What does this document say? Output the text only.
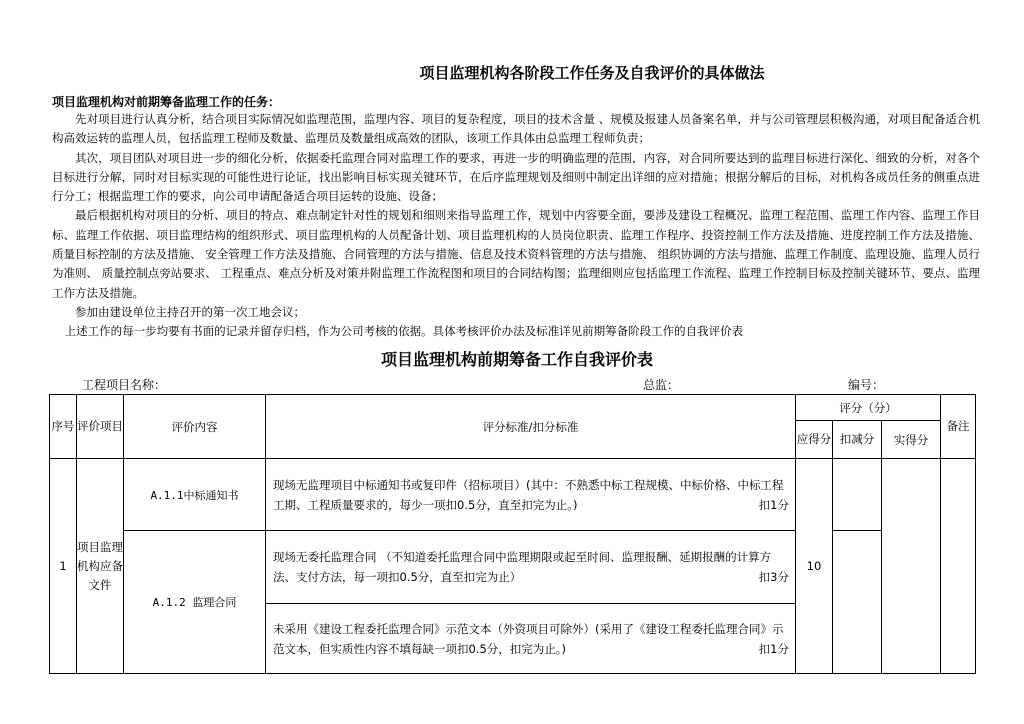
项目监理机构各阶段工作任务及自我评价的具体做法
项目监理机构对前期筹备监理工作的任务：

先对项目进行认真分析，结合项目实际情况如监理范围，监理内容、项目的复杂程度，项目的技术含量 、规模及报建人员备案名单，并与公司管理层积极沟通，对项目配备适合机构高效运转的监理人员，包括监理工程师及数量、监理员及数量组成高效的团队，该项工作具体由总监理工程师负责；

其次，项目团队对项目进一步的细化分析，依据委托监理合同对监理工作的要求，再进一步的明确监理的范围，内容，对合同所要达到的监理目标进行深化、细致的分析，对各个目标进行分解，同时对目标实现的可能性进行论证，找出影响目标实现关键环节，在后序监理规划及细则中制定出详细的应对措施；根据分解后的目标，对机构各成员任务的侧重点进行分工；根据监理工作的要求，向公司申请配备适合项目运转的设施、设备；

最后根据机构对项目的分析、项目的特点、难点制定针对性的规划和细则来指导监理工作，规划中内容要全面，要涉及建设工程概况、监理工程范围、监理工作内容、监理工作目标、监理工作依据、项目监理结构的组织形式、项目监理机构的人员配备计划、项目监理机构的人员岗位职责、监理工作程序、投资控制工作方法及措施、进度控制工作方法及措施、质量目标控制的方法及措施、 安全管理工作方法及措施、合同管理的方法与措施、信息及技术资料管理的方法与措施、 组织协调的方法与措施、监理工作制度、监理设施、监理人员行为准则、 质量控制点旁站要求、 工程重点、难点分析及对策并附监理工作流程图和项目的合同结构图；监理细则应包括监理工作流程、监理工作控制目标及控制关键环节、要点、监理工作方法及措施。

参加由建设单位主持召开的第一次工地会议；

上述工作的每一步均要有书面的记录并留存归档，作为公司考核的依据。具体考核评价办法及标准详见前期筹备阶段工作的自我评价表

项目监理机构前期筹备工作自我评价表
工程项目名称：	总监：	编号：
序号	评价项目	评价内容	评分标准/扣分标准	评分（分）			备注
				应得分	扣减分	实得分	
1	项目监理机构应备文件	A.1.1中标通知书	现场无监理项目中标通知书或复印件（招标项目）(其中：不熟悉中标工程规模、中标价格、中标工程工期、工程质量要求的，每少一项扣0.5分，直至扣完为止。) 扣1分	10			
		A.1.2 监理合同	现场无委托监理合同 （不知道委托监理合同中监理期限或起至时间、监理报酬、延期报酬的计算方法、支付方法，每一项扣0.5分，直至扣完为止） 扣3分				

			未采用《建设工程委托监理合同》示范文本（外资项目可除外）(采用了《建设工程委托监理合同》示范文本，但实质性内容不填每缺一项扣0.5分，扣完为止。) 扣1分				
